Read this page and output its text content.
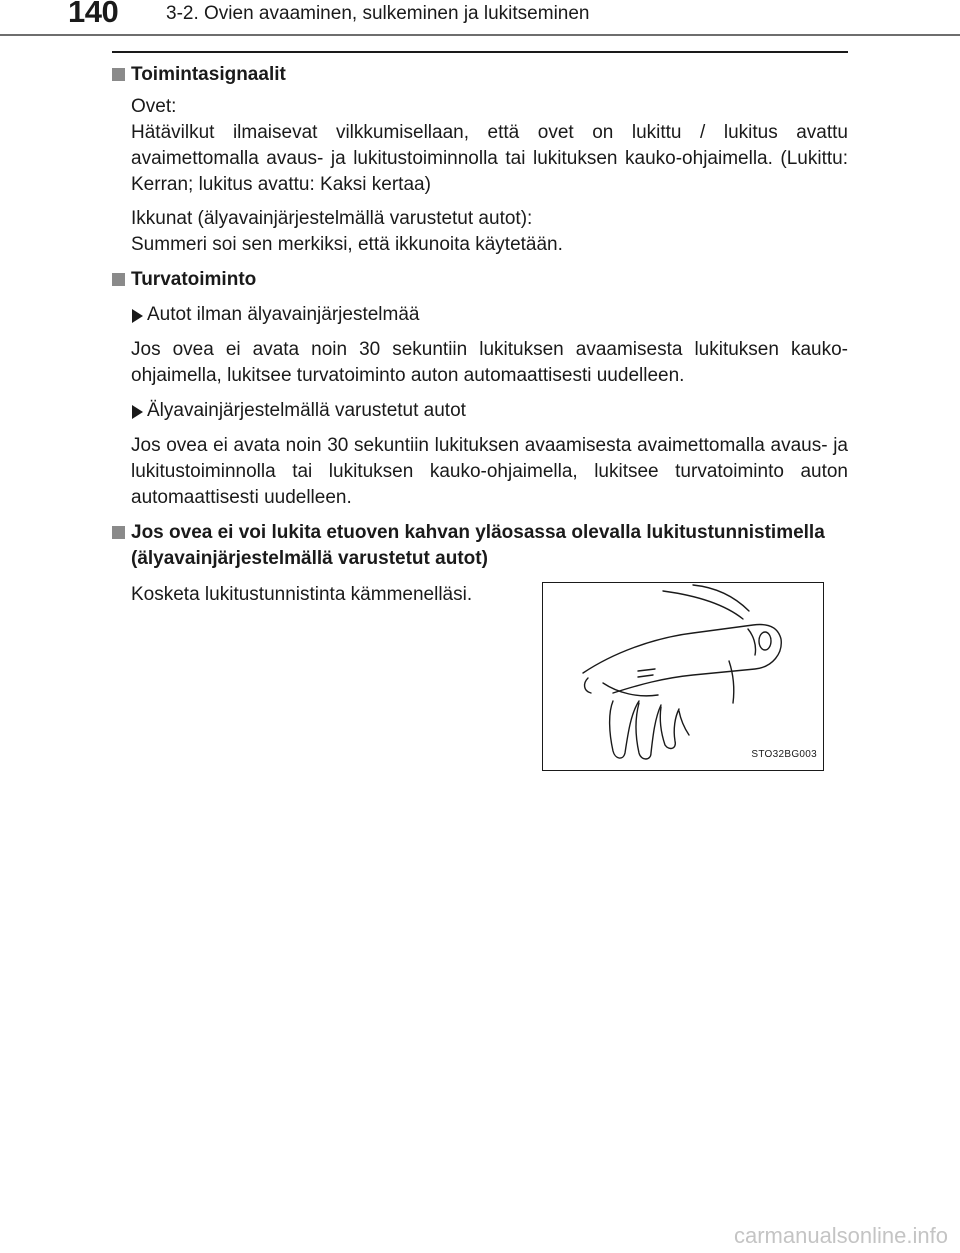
140	3-2. Ovien avaaminen, sulkeminen ja lukitseminen
Toimintasignaalit

Ovet:
Hätävilkut ilmaisevat vilkkumisellaan, että ovet on lukittu / lukitus avattu avaimettomalla avaus- ja lukitustoiminnolla tai lukituksen kauko-ohjaimella. (Lukittu: Kerran; lukitus avattu: Kaksi kertaa)

Ikkunat (älyavainjärjestelmällä varustetut autot):
Summeri soi sen merkiksi, että ikkunoita käytetään.

Turvatoiminto
Autot ilman älyavainjärjestelmää

Jos ovea ei avata noin 30 sekuntiin lukituksen avaamisesta lukituksen kauko-ohjaimella, lukitsee turvatoiminto auton automaattisesti uudelleen.

Älyavainjärjestelmällä varustetut autot

Jos ovea ei avata noin 30 sekuntiin lukituksen avaamisesta avaimettomalla avaus- ja lukitustoiminnolla tai lukituksen kauko-ohjaimella, lukitsee turvatoiminto auton automaattisesti uudelleen.

Jos ovea ei voi lukita etuoven kahvan yläosassa olevalla lukitustunnistimella (älyavainjärjestelmällä varustetut autot)

Kosketa lukitustunnistinta kämmenelläsi.

STO32BG003
carmanualsonline.info
